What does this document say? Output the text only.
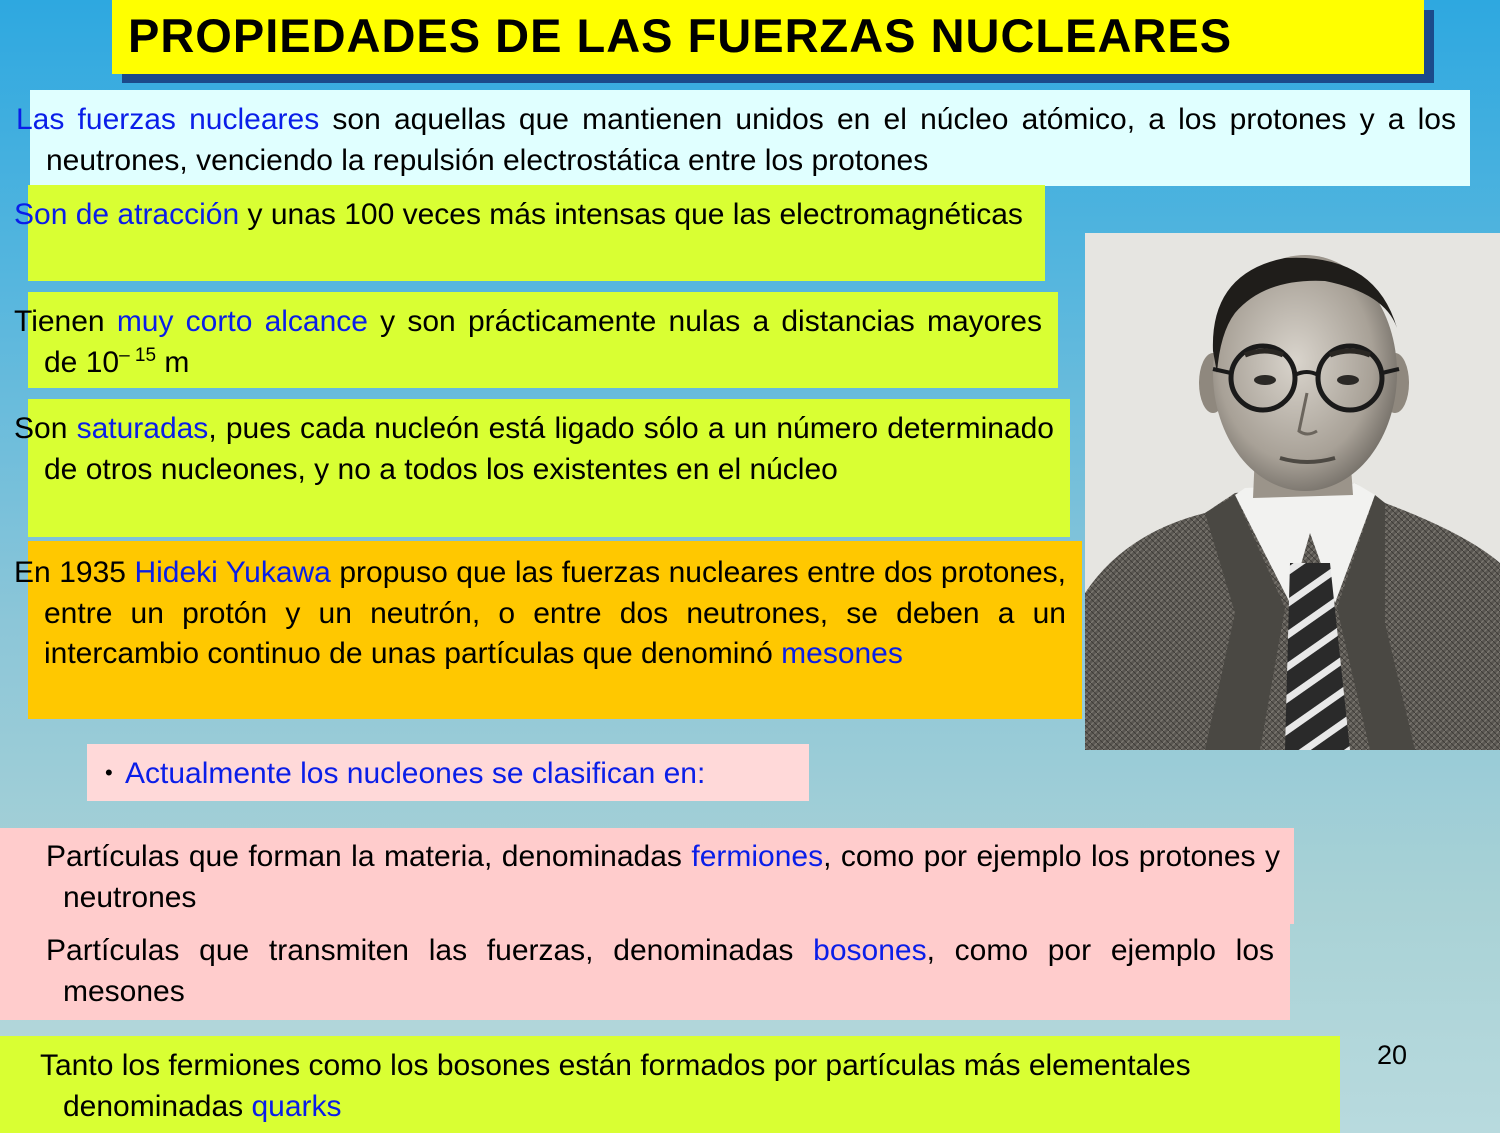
PROPIEDADES DE LAS FUERZAS NUCLEARES
Las fuerzas nucleares son aquellas que mantienen unidos en el núcleo atómico, a los protones y a los neutrones, venciendo la repulsión electrostática entre los protones
Son de atracción y unas 100 veces más intensas que las electromagnéticas
Tienen muy corto alcance y son prácticamente nulas a distancias mayores de $10^{- 15}$ m
Son saturadas, pues cada nucleón está ligado sólo a un número determinado de otros nucleones, y no a todos los existentes en el núcleo
En 1935 Hideki Yukawa propuso que las fuerzas nucleares entre dos protones, entre un protón y un neutrón, o entre dos neutrones, se deben a un intercambio continuo de unas partículas que denominó mesones
• Actualmente los nucleones se clasifican en:
Partículas que forman la materia, denominadas fermiones, como por ejemplo los protones y neutrones
Partículas que transmiten las fuerzas, denominadas bosones, como por ejemplo los mesones
Tanto los fermiones como los bosones están formados por partículas más elementales denominadas quarks
20
